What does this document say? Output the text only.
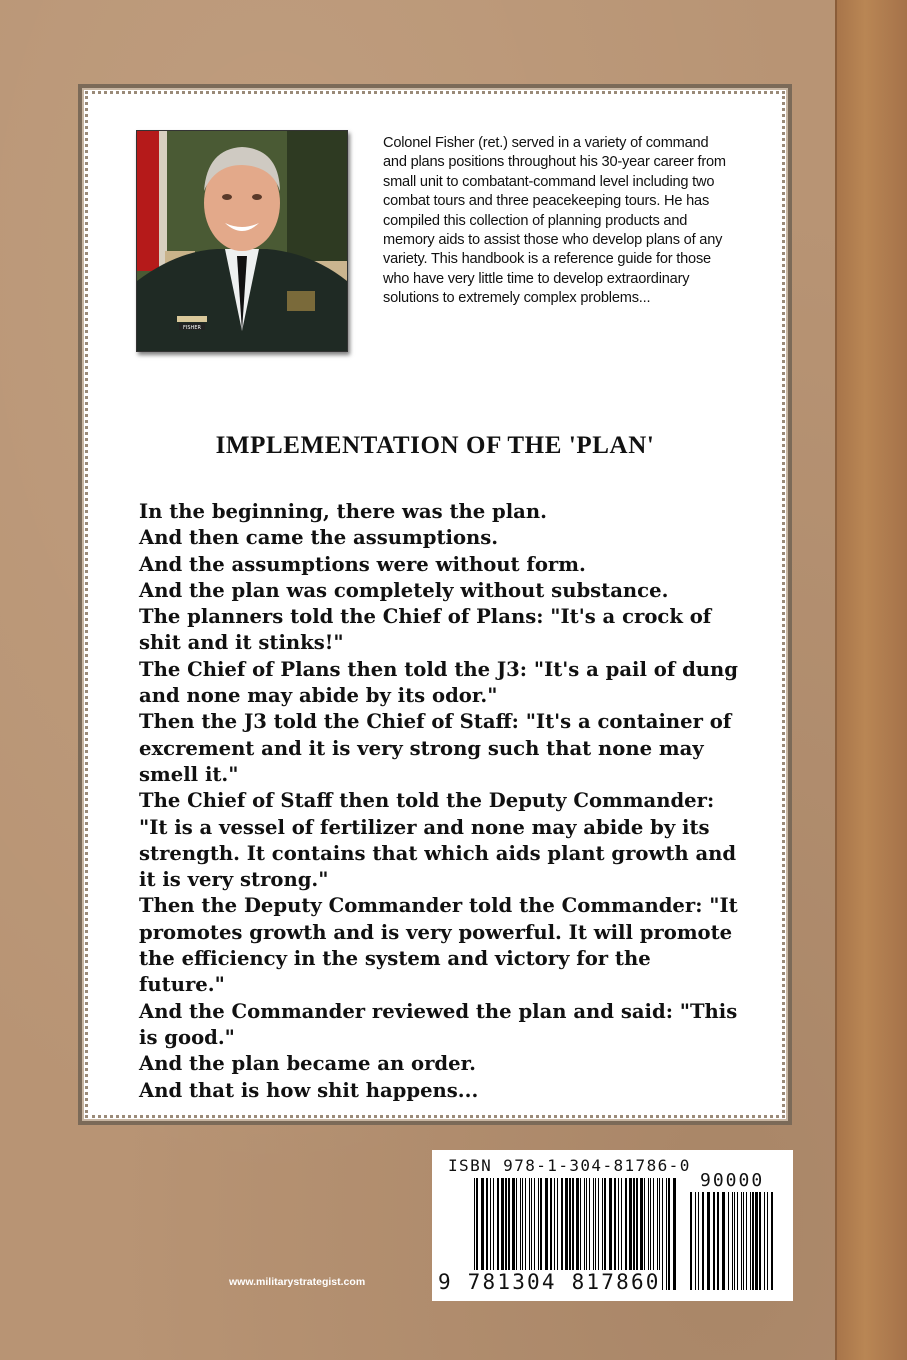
FISHER

Colonel Fisher (ret.) served in a variety of command and plans positions throughout his 30-year career from small unit to combatant-command level including two combat tours and three peacekeeping tours. He has compiled this collection of planning products and memory aids to assist those who develop plans of any variety. This handbook is a reference guide for those who have very little time to develop extraordinary solutions to extremely complex problems...

IMPLEMENTATION OF THE 'PLAN'
In the beginning, there was the plan.
And then came the assumptions.
And the assumptions were without form.
And the plan was completely without substance.
The planners told the Chief of Plans: "It's a crock of shit and it stinks!"
The Chief of Plans then told the J3: "It's a pail of dung and none may abide by its odor."
Then the J3 told the Chief of Staff: "It's a container of excrement and it is very strong such that none may smell it."
The Chief of Staff then told the Deputy Commander: "It is a vessel of fertilizer and none may abide by its strength. It contains that which aids plant growth and it is very strong."
Then the Deputy Commander told the Commander: "It promotes growth and is very powerful. It will promote the efficiency in the system and victory for the future."
And the Commander reviewed the plan and said: "This is good."
And the plan became an order.
And that is how shit happens...
ISBN 978-1-304-81786-0
90000
9 781304 817860
www.militarystrategist.com
